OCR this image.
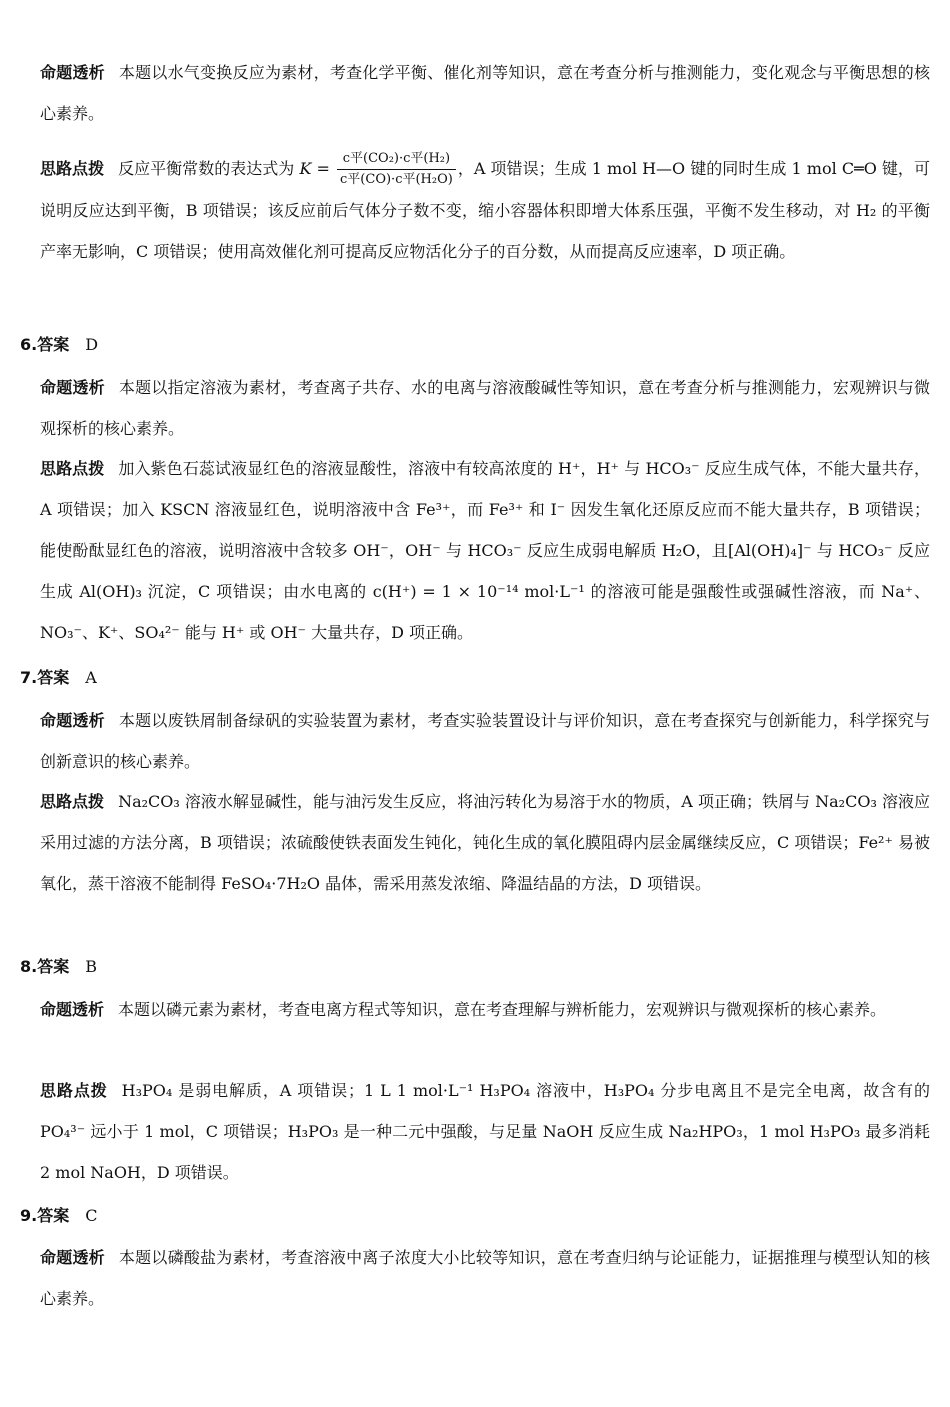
命题透析 本题以水气变换反应为素材，考查化学平衡、催化剂等知识，意在考查分析与推测能力，变化观念与平衡思想的核心素养。

思路点拨 反应平衡常数的表达式为 $K = \frac{\text{c平(CO₂)·c平(H₂)}}{\text{c平(CO)·c平(H₂O)}}$ ，A 项错误；生成 1 mol H—O 键的同时生成 1 mol C═O 键，可说明反应达到平衡，B 项错误；该反应前后气体分子数不变，缩小容器体积即增大体系压强，平衡不发生移动，对 H₂ 的平衡产率无影响，C 项错误；使用高效催化剂可提高反应物活化分子的百分数，从而提高反应速率，D 项正确。

6.答案 D

命题透析 本题以指定溶液为素材，考查离子共存、水的电离与溶液酸碱性等知识，意在考查分析与推测能力，宏观辨识与微观探析的核心素养。

思路点拨 加入紫色石蕊试液显红色的溶液显酸性，溶液中有较高浓度的 H⁺，H⁺ 与 HCO₃⁻ 反应生成气体，不能大量共存，A 项错误；加入 KSCN 溶液显红色，说明溶液中含 Fe³⁺，而 Fe³⁺ 和 I⁻ 因发生氧化还原反应而不能大量共存，B 项错误；能使酚酞显红色的溶液，说明溶液中含较多 OH⁻，OH⁻ 与 HCO₃⁻ 反应生成弱电解质 H₂O，且[Al(OH)₄]⁻ 与 HCO₃⁻ 反应生成 Al(OH)₃ 沉淀，C 项错误；由水电离的 c(H⁺) = 1 × 10⁻¹⁴ mol·L⁻¹ 的溶液可能是强酸性或强碱性溶液，而 Na⁺、NO₃⁻、K⁺、SO₄²⁻ 能与 H⁺ 或 OH⁻ 大量共存，D 项正确。

7.答案 A

命题透析 本题以废铁屑制备绿矾的实验装置为素材，考查实验装置设计与评价知识，意在考查探究与创新能力，科学探究与创新意识的核心素养。

思路点拨 Na₂CO₃ 溶液水解显碱性，能与油污发生反应，将油污转化为易溶于水的物质，A 项正确；铁屑与 Na₂CO₃ 溶液应采用过滤的方法分离，B 项错误；浓硫酸使铁表面发生钝化，钝化生成的氧化膜阻碍内层金属继续反应，C 项错误；Fe²⁺ 易被氧化，蒸干溶液不能制得 FeSO₄·7H₂O 晶体，需采用蒸发浓缩、降温结晶的方法，D 项错误。

8.答案 B

命题透析 本题以磷元素为素材，考查电离方程式等知识，意在考查理解与辨析能力，宏观辨识与微观探析的核心素养。

思路点拨 H₃PO₄ 是弱电解质，A 项错误；1 L 1 mol·L⁻¹ H₃PO₄ 溶液中，H₃PO₄ 分步电离且不是完全电离，故含有的 PO₄³⁻ 远小于 1 mol，C 项错误；H₃PO₃ 是一种二元中强酸，与足量 NaOH 反应生成 Na₂HPO₃，1 mol H₃PO₃ 最多消耗 2 mol NaOH，D 项错误。

9.答案 C

命题透析 本题以磷酸盐为素材，考查溶液中离子浓度大小比较等知识，意在考查归纳与论证能力，证据推理与模型认知的核心素养。
